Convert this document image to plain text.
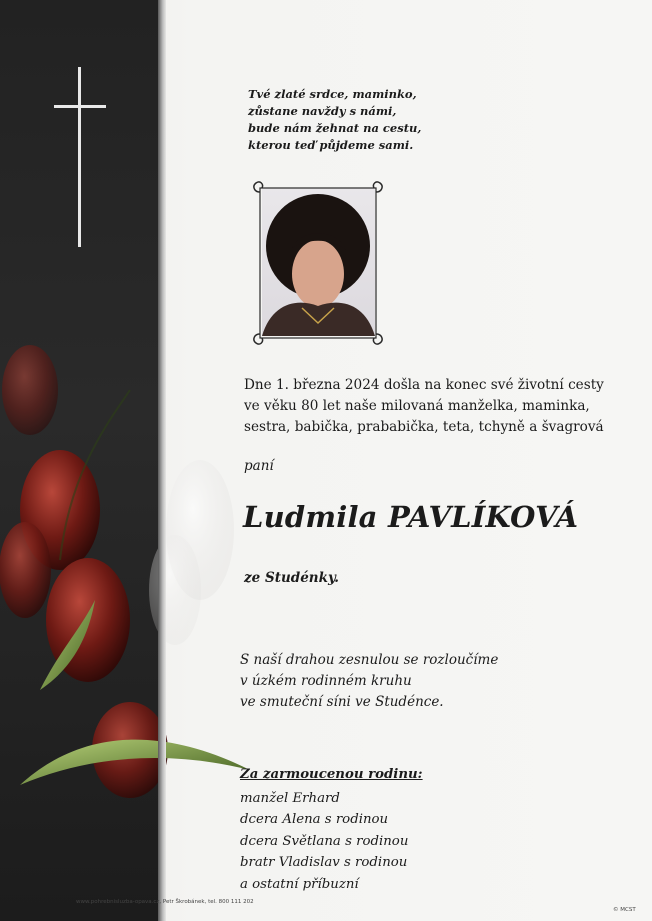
Tvé zlaté srdce, maminko,
zůstane navždy s námi,
bude nám žehnat na cestu,
kterou teď půjdeme sami.
Dne 1. března 2024 došla na konec své životní cesty
ve věku 80 let naše milovaná manželka, maminka,
sestra, babička, prababička, teta, tchyně a švagrová
paní
Ludmila PAVLÍKOVÁ
ze Studénky.
S naší drahou zesnulou se rozloučíme
v úzkém rodinném kruhu
ve smuteční síni ve Studénce.
Za zarmoucenou rodinu:
manžel Erhard
dcera Alena s rodinou
dcera Světlana s rodinou
bratr Vladislav s rodinou
a ostatní příbuzní
www.pohrebnisluzba-opava.cz, Petr Škrobánek, tel. 800 111 202
© MCST
